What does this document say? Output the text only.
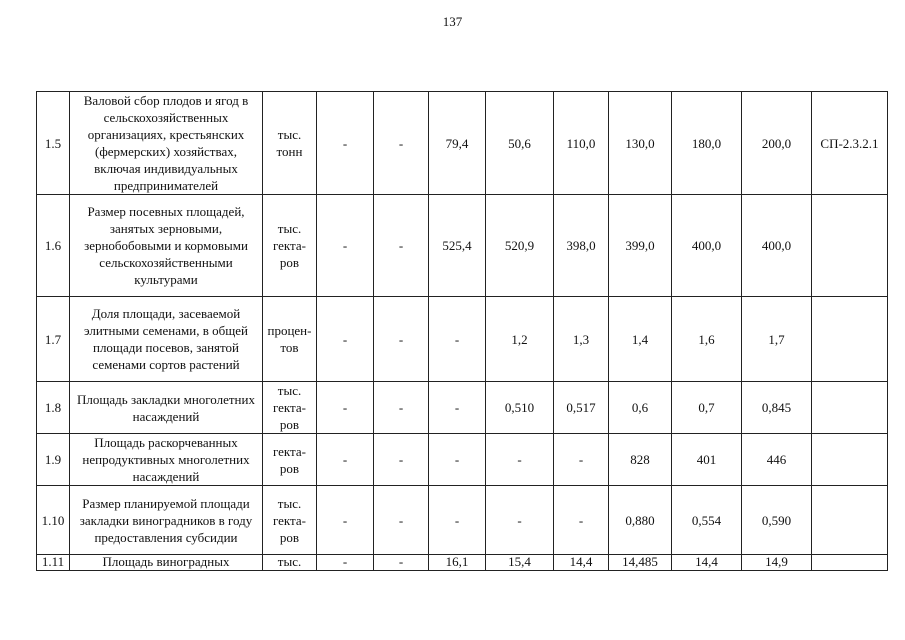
137
1.5	Валовой сбор плодов и ягод в сельскохозяйственных организациях, крестьянских (фермерских) хозяйствах, включая индивидуальных предпринимателей	тыс. тонн	-	-	79,4	50,6	110,0	130,0	180,0	200,0	СП-2.3.2.1
1.6	Размер посевных площадей, занятых зерновыми, зернобобовыми и кормовыми сельскохозяйственными культурами	тыс. гекта-ров	-	-	525,4	520,9	398,0	399,0	400,0	400,0	
1.7	Доля площади, засеваемой элитными семенами, в общей площади посевов, занятой семенами сортов растений	процен-тов	-	-	-	1,2	1,3	1,4	1,6	1,7	
1.8	Площадь закладки многолетних насаждений	тыс. гекта-ров	-	-	-	0,510	0,517	0,6	0,7	0,845	
1.9	Площадь раскорчеванных непродуктивных многолетних насаждений	гекта-ров	-	-	-	-	-	828	401	446	
1.10	Размер планируемой площади закладки виноградников в году предоставления субсидии	тыс. гекта-ров	-	-	-	-	-	0,880	0,554	0,590	
1.11	Площадь виноградных	тыс.	-	-	16,1	15,4	14,4	14,485	14,4	14,9	
